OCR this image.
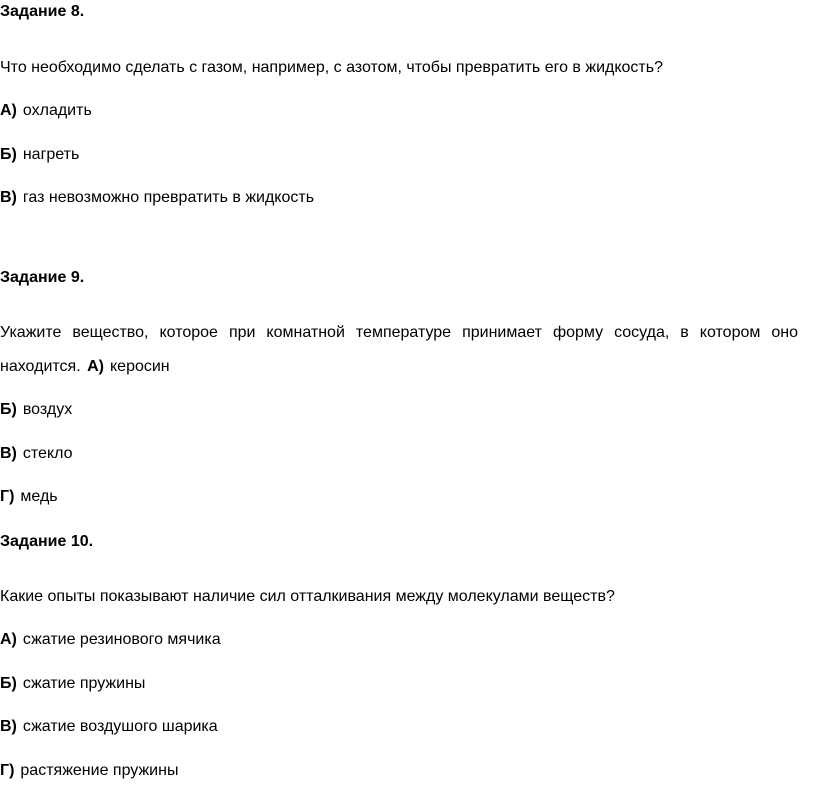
Задание 8.
Что необходимо сделать с газом, например, с азотом, чтобы превратить его в жидкость?
А) охладить
Б) нагреть
В) газ невозможно превратить в жидкость
Задание 9.
Укажите вещество, которое при комнатной температуре принимает форму сосуда, в котором оно
находится. А) керосин
Б) воздух
В) стекло
Г) медь
Задание 10.
Какие опыты показывают наличие сил отталкивания между молекулами веществ?
А) сжатие резинового мячика
Б) сжатие пружины
В) сжатие воздушого шарика
Г) растяжение пружины
